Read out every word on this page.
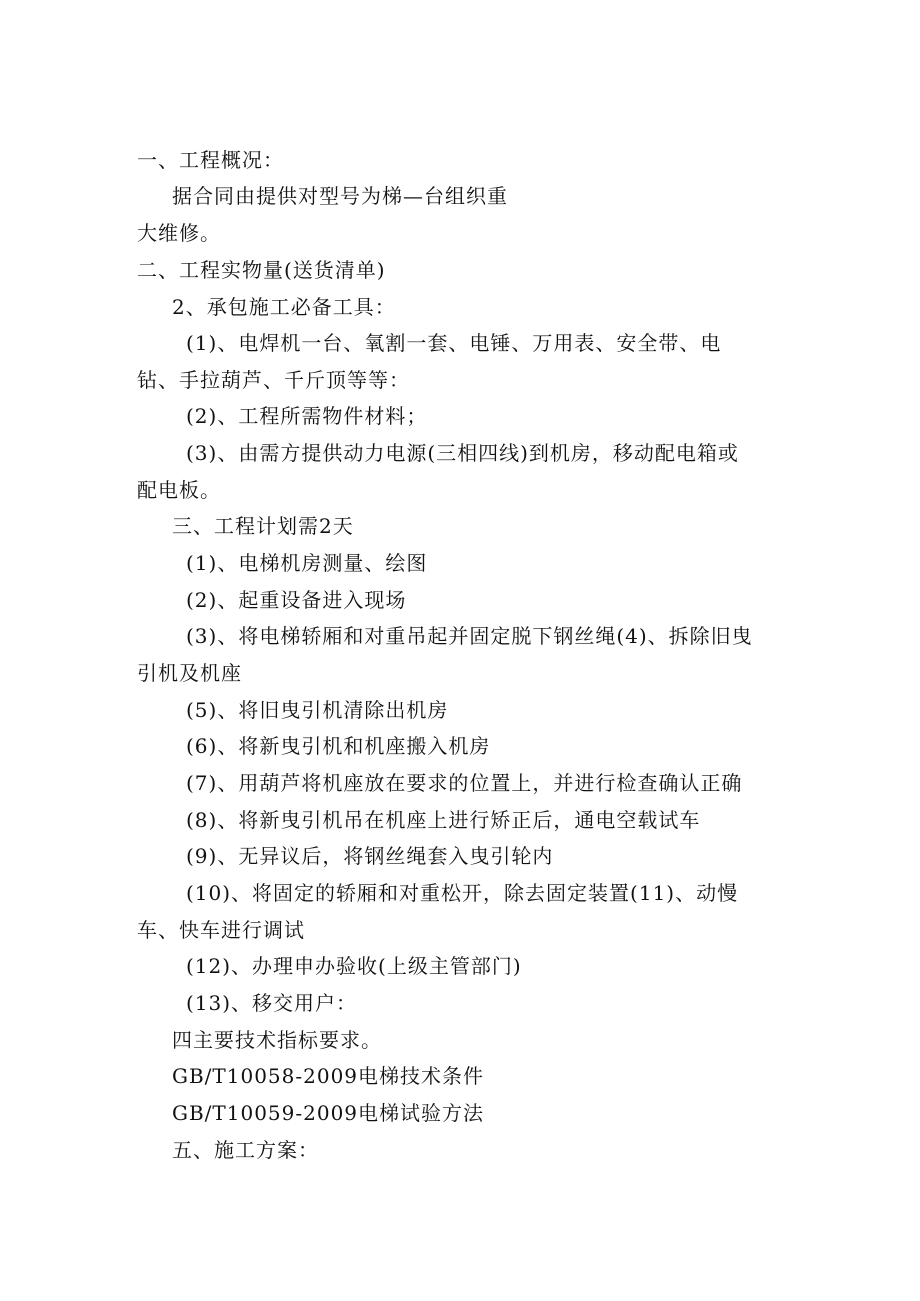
一、工程概况：
据合同由提供对型号为梯—台组织重
大维修。
二、工程实物量(送货清单)
2、承包施工必备工具：
(1)、电焊机一台、氧割一套、电锤、万用表、安全带、电
钻、手拉葫芦、千斤顶等等：
(2)、工程所需物件材料；
(3)、由需方提供动力电源(三相四线)到机房，移动配电箱或
配电板。
三、工程计划需2天
(1)、电梯机房测量、绘图
(2)、起重设备进入现场
(3)、将电梯轿厢和对重吊起并固定脱下钢丝绳(4)、拆除旧曳
引机及机座
(5)、将旧曳引机清除出机房
(6)、将新曳引机和机座搬入机房
(7)、用葫芦将机座放在要求的位置上，并进行检查确认正确
(8)、将新曳引机吊在机座上进行矫正后，通电空载试车
(9)、无异议后，将钢丝绳套入曳引轮内
(10)、将固定的轿厢和对重松开，除去固定装置(11)、动慢
车、快车进行调试
(12)、办理申办验收(上级主管部门)
(13)、移交用户：
四主要技术指标要求。
GB/T10058-2009电梯技术条件
GB/T10059-2009电梯试验方法
五、施工方案：
